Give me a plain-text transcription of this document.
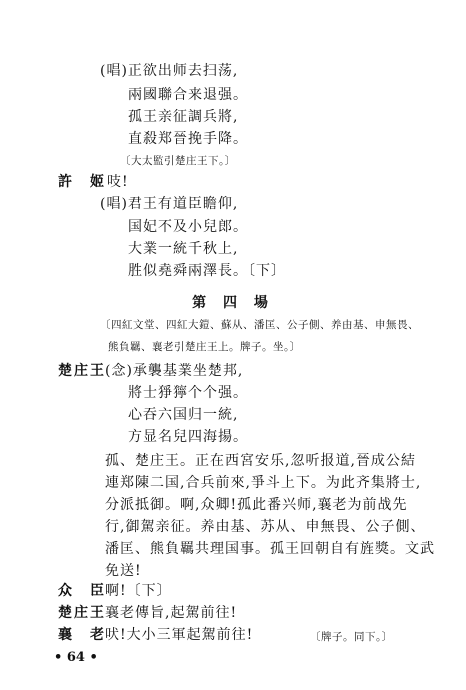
(唱)正欲出师去扫荡,
兩國聯合来退强。
孤王亲征調兵將,
直殺郑晉挽手降。
〔大太監引楚庄王下。〕
許　姬 吱!
(唱)君王有道臣瞻仰,
国妃不及小兒郎。
大業一統千秋上,
胜似堯舜兩澤長。〔下〕
第 四 場
〔四紅文堂、四紅大鎧、蘇从、潘匡、公子側、养由基、申無畏、
熊負羈、襄老引楚庄王上。牌子。坐。〕
楚庄王 (念)承襲基業坐楚邦,
將士猙獰个个强。
心吞六国归一統,
方显名兒四海揚。
孤、楚庄王。正在西宮安乐,忽听报道,晉成公結
連郑陳二国,合兵前來,爭斗上下。为此齐集將士,
分派抵御。啊,众卿!孤此番兴师,襄老为前战先
行,御駕亲征。养由基、苏从、申無畏、公子側、
潘匡、熊負羈共理国事。孤王回朝自有旌獎。文武
免送!
众　臣 啊!〔下〕
楚庄王 襄老傳旨,起駕前往!
襄　老 吠!大小三軍起駕前往!	〔牌子。同下。〕
• 64 •
